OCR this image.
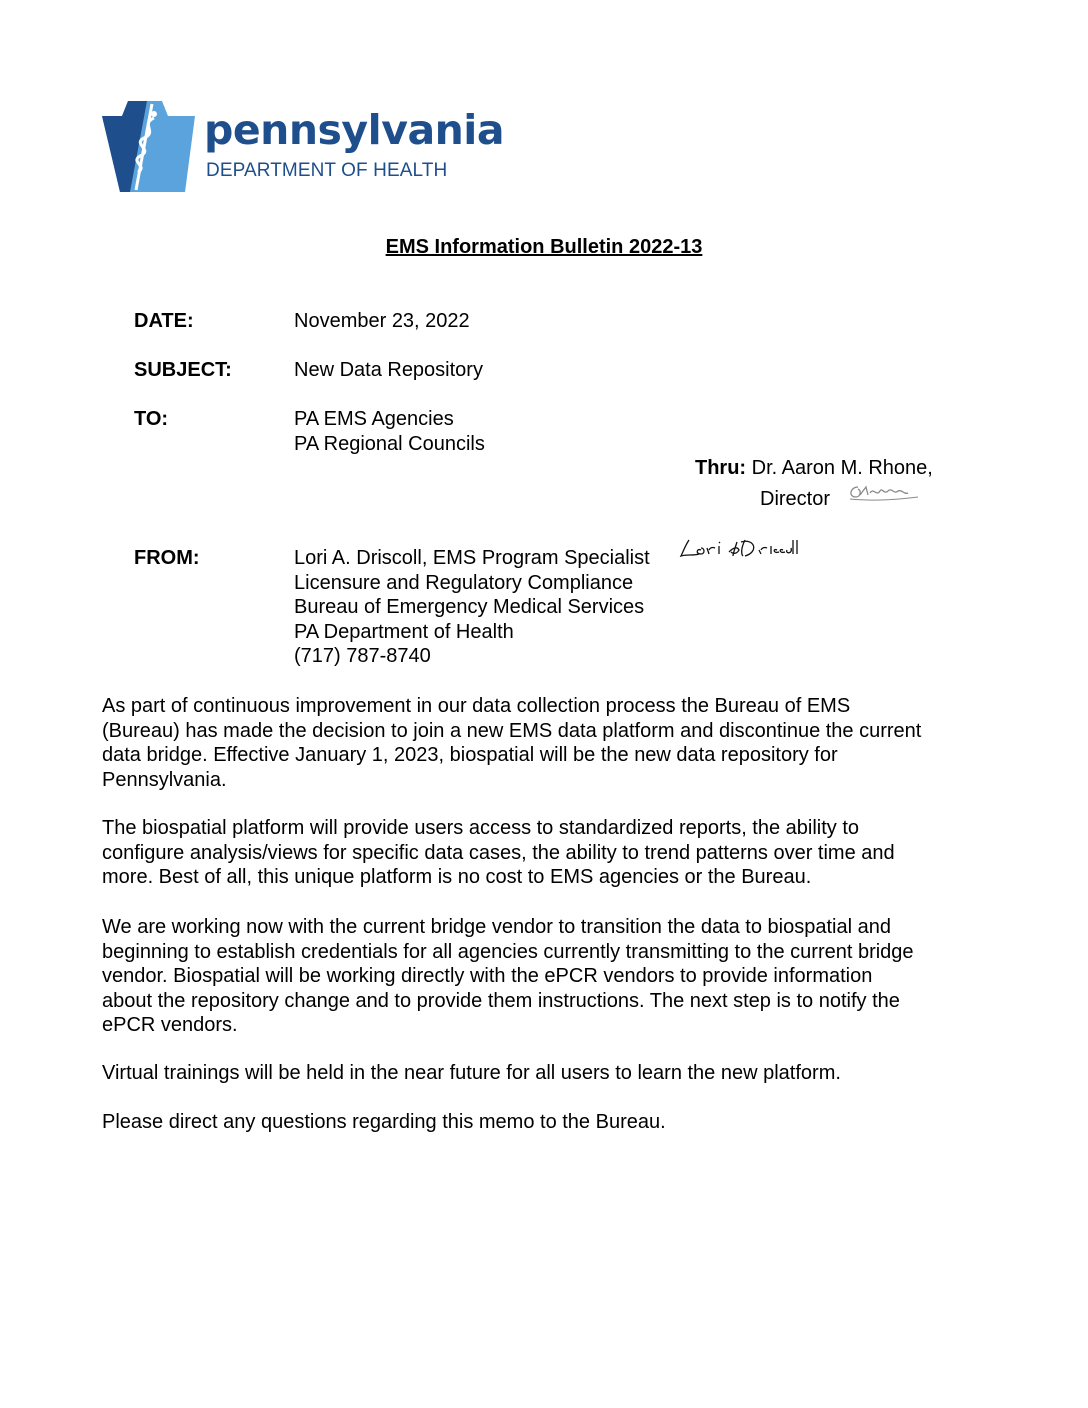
pennsylvania
DEPARTMENT OF HEALTH
EMS Information Bulletin 2022-13
DATE:	November 23, 2022
SUBJECT:	New Data Repository
TO:	PA EMS Agencies
PA Regional Councils
Thru: Dr. Aaron M. Rhone,
Director
FROM:	Lori A. Driscoll, EMS Program Specialist
Licensure and Regulatory Compliance
Bureau of Emergency Medical Services
PA Department of Health
(717) 787-8740
As part of continuous improvement in our data collection process the Bureau of EMS
(Bureau) has made the decision to join a new EMS data platform and discontinue the current
data bridge. Effective January 1, 2023, biospatial will be the new data repository for
Pennsylvania.
The biospatial platform will provide users access to standardized reports, the ability to
configure analysis/views for specific data cases, the ability to trend patterns over time and
more. Best of all, this unique platform is no cost to EMS agencies or the Bureau.
We are working now with the current bridge vendor to transition the data to biospatial and
beginning to establish credentials for all agencies currently transmitting to the current bridge
vendor. Biospatial will be working directly with the ePCR vendors to provide information
about the repository change and to provide them instructions. The next step is to notify the
ePCR vendors.
Virtual trainings will be held in the near future for all users to learn the new platform.
Please direct any questions regarding this memo to the Bureau.
